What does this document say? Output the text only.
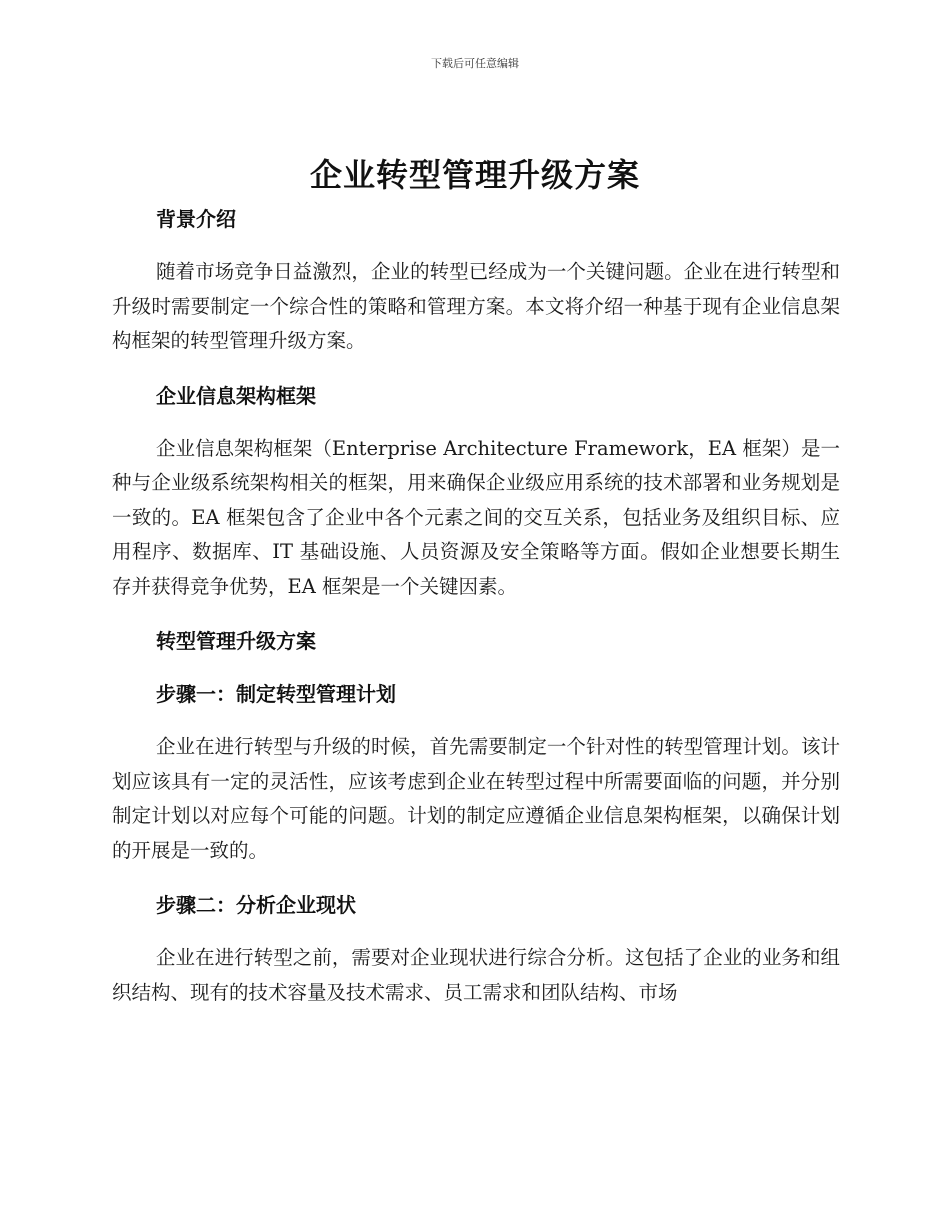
下载后可任意编辑
企业转型管理升级方案
背景介绍

随着市场竞争日益激烈，企业的转型已经成为一个关键问题。企业在进行转型和升级时需要制定一个综合性的策略和管理方案。本文将介绍一种基于现有企业信息架构框架的转型管理升级方案。

企业信息架构框架

企业信息架构框架（Enterprise Architecture Framework，EA 框架）是一种与企业级系统架构相关的框架，用来确保企业级应用系统的技术部署和业务规划是一致的。EA 框架包含了企业中各个元素之间的交互关系，包括业务及组织目标、应用程序、数据库、IT 基础设施、人员资源及安全策略等方面。假如企业想要长期生存并获得竞争优势，EA 框架是一个关键因素。

转型管理升级方案
步骤一：制定转型管理计划

企业在进行转型与升级的时候，首先需要制定一个针对性的转型管理计划。该计划应该具有一定的灵活性，应该考虑到企业在转型过程中所需要面临的问题，并分别制定计划以对应每个可能的问题。计划的制定应遵循企业信息架构框架，以确保计划的开展是一致的。

步骤二：分析企业现状

企业在进行转型之前，需要对企业现状进行综合分析。这包括了企业的业务和组织结构、现有的技术容量及技术需求、员工需求和团队结构、市场
